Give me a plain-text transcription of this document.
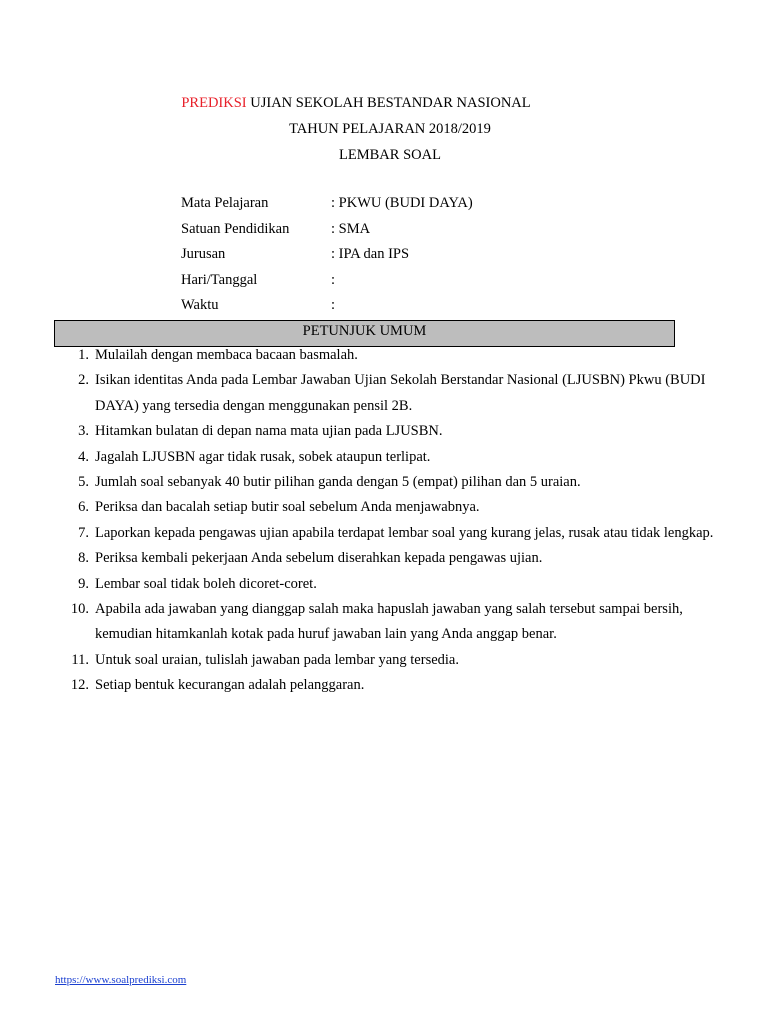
PREDIKSI UJIAN SEKOLAH BESTANDAR NASIONAL
TAHUN PELAJARAN 2018/2019
LEMBAR SOAL
Mata Pelajaran	: PKWU (BUDI DAYA)
Satuan Pendidikan	: SMA
Jurusan	: IPA dan IPS
Hari/Tanggal	:
Waktu	:
PETUNJUK UMUM
1. Mulailah dengan membaca bacaan basmalah.
2. Isikan identitas Anda pada Lembar Jawaban Ujian Sekolah Berstandar Nasional (LJUSBN) Pkwu (BUDI DAYA) yang tersedia dengan menggunakan pensil 2B.
3. Hitamkan bulatan di depan nama mata ujian pada LJUSBN.
4. Jagalah LJUSBN agar tidak rusak, sobek ataupun terlipat.
5. Jumlah soal sebanyak 40 butir pilihan ganda dengan 5 (empat) pilihan dan 5 uraian.
6. Periksa dan bacalah setiap butir soal sebelum Anda menjawabnya.
7. Laporkan kepada pengawas ujian apabila terdapat lembar soal yang kurang jelas, rusak atau tidak lengkap.
8. Periksa kembali pekerjaan Anda sebelum diserahkan kepada pengawas ujian.
9. Lembar soal tidak boleh dicoret-coret.
10. Apabila ada jawaban yang dianggap salah maka hapuslah jawaban yang salah tersebut sampai bersih, kemudian hitamkanlah kotak pada huruf jawaban lain yang Anda anggap benar.
11. Untuk soal uraian, tulislah jawaban pada lembar yang tersedia.
12. Setiap bentuk kecurangan adalah pelanggaran.
https://www.soalprediksi.com
